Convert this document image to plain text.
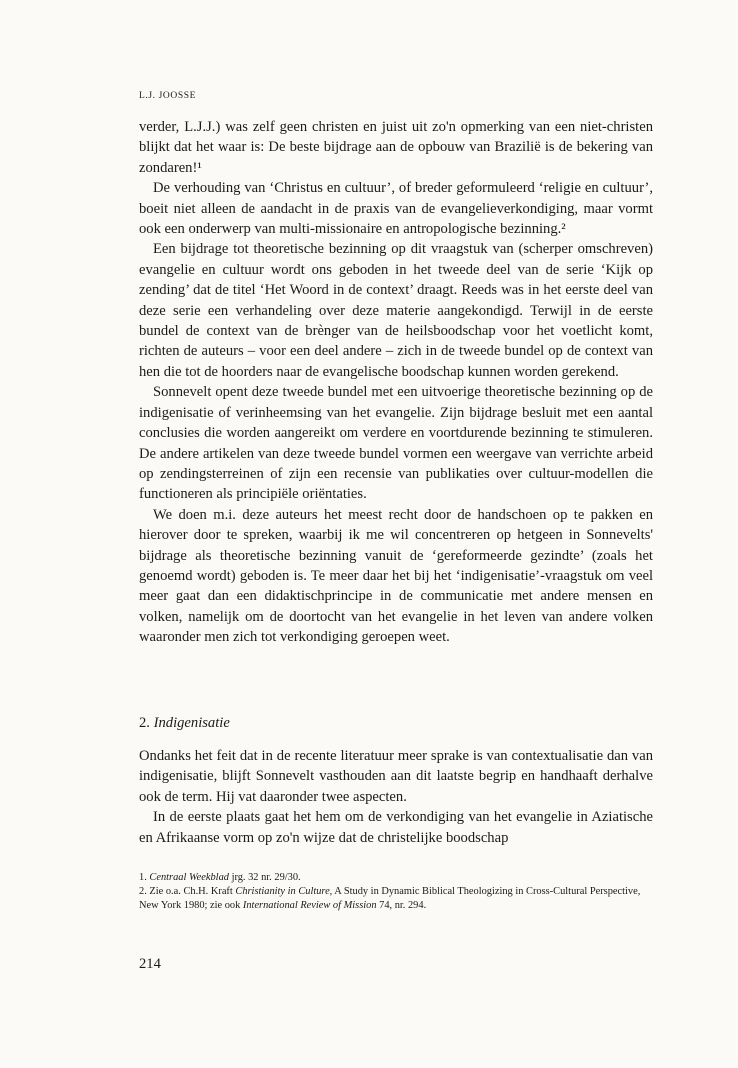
L.J. JOOSSE

verder, L.J.J.) was zelf geen christen en juist uit zo'n opmerking van een niet-christen blijkt dat het waar is: De beste bijdrage aan de opbouw van Brazilië is de bekering van zondaren!¹

De verhouding van ‘Christus en cultuur’, of breder geformuleerd ‘religie en cultuur’, boeit niet alleen de aandacht in de praxis van de evangelieverkondiging, maar vormt ook een onderwerp van multi-missionaire en antropologische bezinning.²

Een bijdrage tot theoretische bezinning op dit vraagstuk van (scherper omschreven) evangelie en cultuur wordt ons geboden in het tweede deel van de serie ‘Kijk op zending’ dat de titel ‘Het Woord in de context’ draagt. Reeds was in het eerste deel van deze serie een verhandeling over deze materie aangekondigd. Terwijl in de eerste bundel de context van de brènger van de heilsboodschap voor het voetlicht komt, richten de auteurs – voor een deel andere – zich in de tweede bundel op de context van hen die tot de hoorders naar de evangelische boodschap kunnen worden gerekend.

Sonnevelt opent deze tweede bundel met een uitvoerige theoretische bezinning op de indigenisatie of verinheemsing van het evangelie. Zijn bijdrage besluit met een aantal conclusies die worden aangereikt om verdere en voortdurende bezinning te stimuleren. De andere artikelen van deze tweede bundel vormen een weergave van verrichte arbeid op zendingsterreinen of zijn een recensie van publikaties over cultuur-modellen die functioneren als principiële oriëntaties.

We doen m.i. deze auteurs het meest recht door de handschoen op te pakken en hierover door te spreken, waarbij ik me wil concentreren op hetgeen in Sonnevelts' bijdrage als theoretische bezinning vanuit de ‘gereformeerde gezindte’ (zoals het genoemd wordt) geboden is. Te meer daar het bij het ‘indigenisatie’-vraagstuk om veel meer gaat dan een didaktischprincipe in de communicatie met andere mensen en volken, namelijk om de doortocht van het evangelie in het leven van andere volken waaronder men zich tot verkondiging geroepen weet.

2. Indigenisatie

Ondanks het feit dat in de recente literatuur meer sprake is van contextualisatie dan van indigenisatie, blijft Sonnevelt vasthouden aan dit laatste begrip en handhaaft derhalve ook de term. Hij vat daaronder twee aspecten.

In de eerste plaats gaat het hem om de verkondiging van het evangelie in Aziatische en Afrikaanse vorm op zo'n wijze dat de christelijke boodschap

1. Centraal Weekblad jrg. 32 nr. 29/30.

2. Zie o.a. Ch.H. Kraft Christianity in Culture, A Study in Dynamic Biblical Theologizing in Cross-Cultural Perspective, New York 1980; zie ook International Review of Mission 74, nr. 294.

214
